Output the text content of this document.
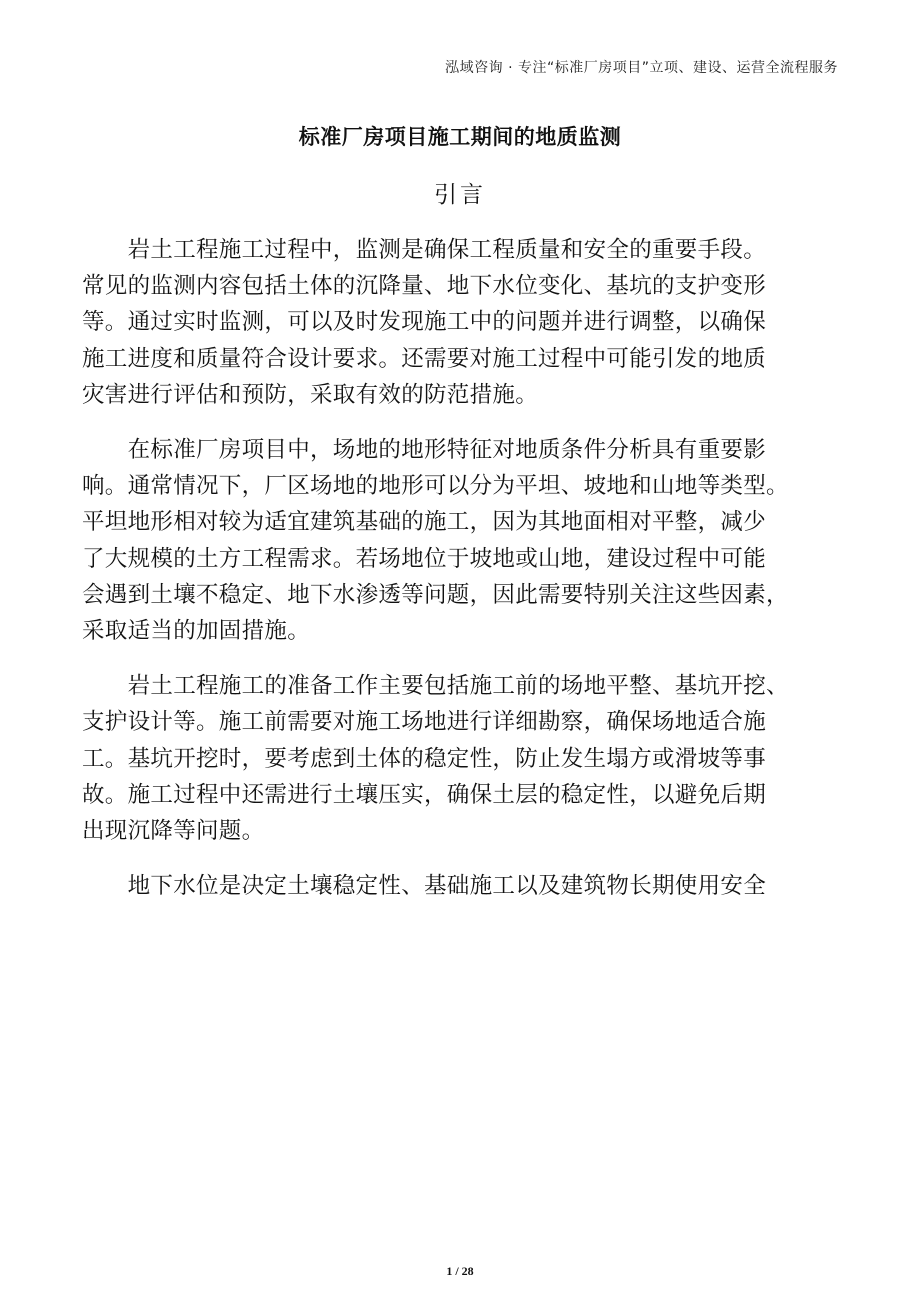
泓域咨询 · 专注“标准厂房项目”立项、建设、运营全流程服务
标准厂房项目施工期间的地质监测
引言

　　岩土工程施工过程中，监测是确保工程质量和安全的重要手段。
常见的监测内容包括土体的沉降量、地下水位变化、基坑的支护变形
等。通过实时监测，可以及时发现施工中的问题并进行调整，以确保
施工进度和质量符合设计要求。还需要对施工过程中可能引发的地质
灾害进行评估和预防，采取有效的防范措施。

　　在标准厂房项目中，场地的地形特征对地质条件分析具有重要影
响。通常情况下，厂区场地的地形可以分为平坦、坡地和山地等类型。
平坦地形相对较为适宜建筑基础的施工，因为其地面相对平整，减少
了大规模的土方工程需求。若场地位于坡地或山地，建设过程中可能
会遇到土壤不稳定、地下水渗透等问题，因此需要特别关注这些因素，
采取适当的加固措施。

　　岩土工程施工的准备工作主要包括施工前的场地平整、基坑开挖、
支护设计等。施工前需要对施工场地进行详细勘察，确保场地适合施
工。基坑开挖时，要考虑到土体的稳定性，防止发生塌方或滑坡等事
故。施工过程中还需进行土壤压实，确保土层的稳定性，以避免后期
出现沉降等问题。

　　地下水位是决定土壤稳定性、基础施工以及建筑物长期使用安全

1 / 28
